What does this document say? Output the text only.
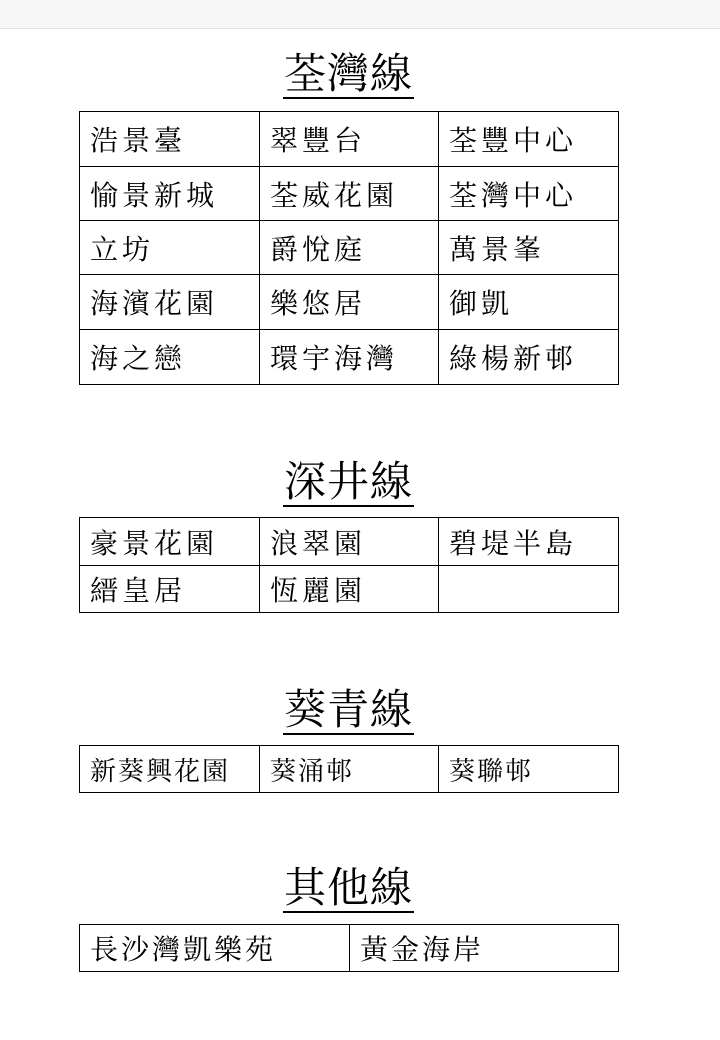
荃灣線
浩景臺	翠豐台	荃豐中心
愉景新城	荃威花園	荃灣中心
立坊	爵悅庭	萬景峯
海濱花園	樂悠居	御凱
海之戀	環宇海灣	綠楊新邨
深井線
豪景花園	浪翠園	碧堤半島
縉皇居	恆麗園	
葵青線
新葵興花園	葵涌邨	葵聯邨
其他線
長沙灣凱樂苑	黃金海岸
